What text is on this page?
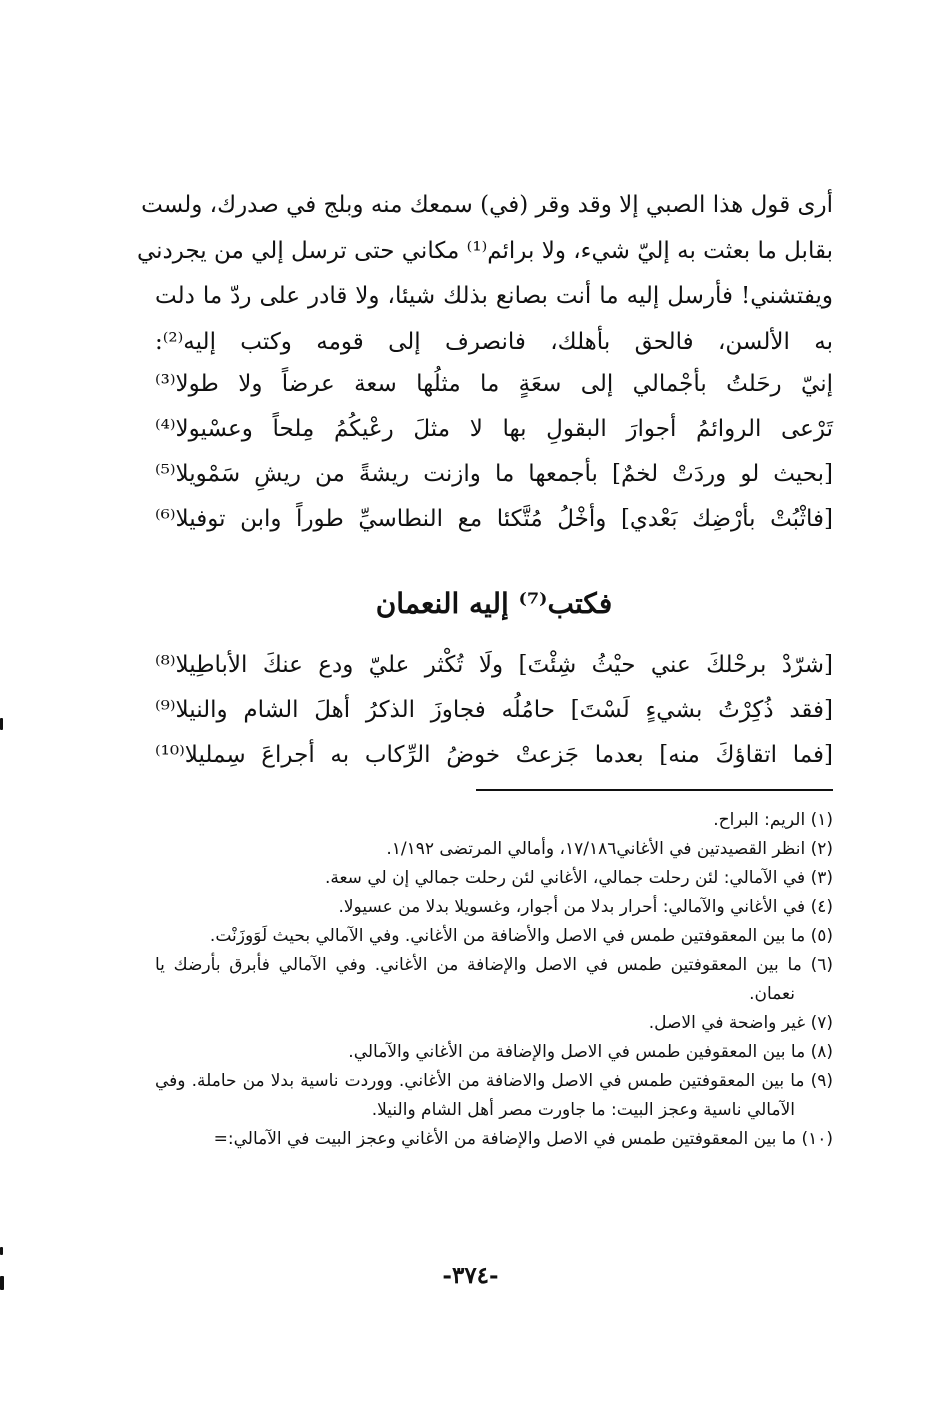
أرى قول هذا الصبي إلا وقد وقر (في) سمعك منه وبلج في صدرك، ولست
بقابل ما بعثت به إليّ شيء، ولا برائم⁽¹⁾ مكاني حتى ترسل إلي من يجردني
ويفتشني! فأرسل إليه ما أنت بصانع بذلك شيئا، ولا قادر على ردّ ما دلت
به الألسن، فالحق بأهلك، فانصرف إلى قومه وكتب إليه⁽²⁾:
إنيّ رحَلتُ بأجْمالي إلى سعَةٍ ما مثلُها سعة عرضاً ولا طولا⁽³⁾
تَرْعى الروائمُ أجوارَ البقولِ بها لا مثلَ رعْيكُمُ مِلحاً وعسْيولا⁽⁴⁾
[بحيث لو وردَتْ لخمٌ] بأجمعها ما وازنت ريشةً من ريشِ سَمْويلا⁽⁵⁾
[فاثْبُتْ بأرْضِك بَعْدي] وأخْلُ مُتَّكئا مع النطاسيِّ طوراً وابن توفيلا⁽⁶⁾
فكتب⁽⁷⁾ إليه النعمان
[شرّدْ برحْلكَ عني حيْثُ شِئْتَ] ولَا تُكْثر عليّ ودع عنكَ الأباطِيلا⁽⁸⁾
[فقد ذُكِرْتُ بشيءٍ لَسْتَ] حامُلُه فجاوزَ الذكرُ أهلَ الشام والنيلا⁽⁹⁾
[فما اتقاؤكَ منه] بعدما جَزعتْ خوضُ الرِّكاب به أجراعَ سِمليلا⁽¹⁰⁾
(١) الريم: البراح.
(٢) انظر القصيدتين في الأغاني١٧/١٨٦، وأمالي المرتضى ١/١٩٢.
(٣) في الآمالي: لئن رحلت جمالي، الأغاني لئن رحلت جمالي إن لي سعة.
(٤) في الأغاني والآمالي: أحرار بدلا من أجوار، وغسويلا بدلا من عسيولا.
(٥) ما بين المعقوفتين طمس في الاصل والأضافة من الأغاني. وفي الآمالي بحيث لَوَوزَنْت.
(٦) ما بين المعقوفتين طمس في الاصل والإضافة من الأغاني. وفي الآمالي فأبرق بأرضك يا نعمان.
(٧) غير واضحة في الاصل.
(٨) ما بين المعقوفين طمس في الاصل والإضافة من الأغاني والآمالي.
(٩) ما بين المعقوفتين طمس في الاصل والاضافة من الأغاني. ووردت ناسية بدلا من حاملة. وفي الآمالي ناسية وعجز البيت: ما جاورت مصر أهل الشام والنيلا.
(١٠) ما بين المعقوفتين طمس في الاصل والإضافة من الأغاني وعجز البيت في الآمالي:=
-٣٧٤-
